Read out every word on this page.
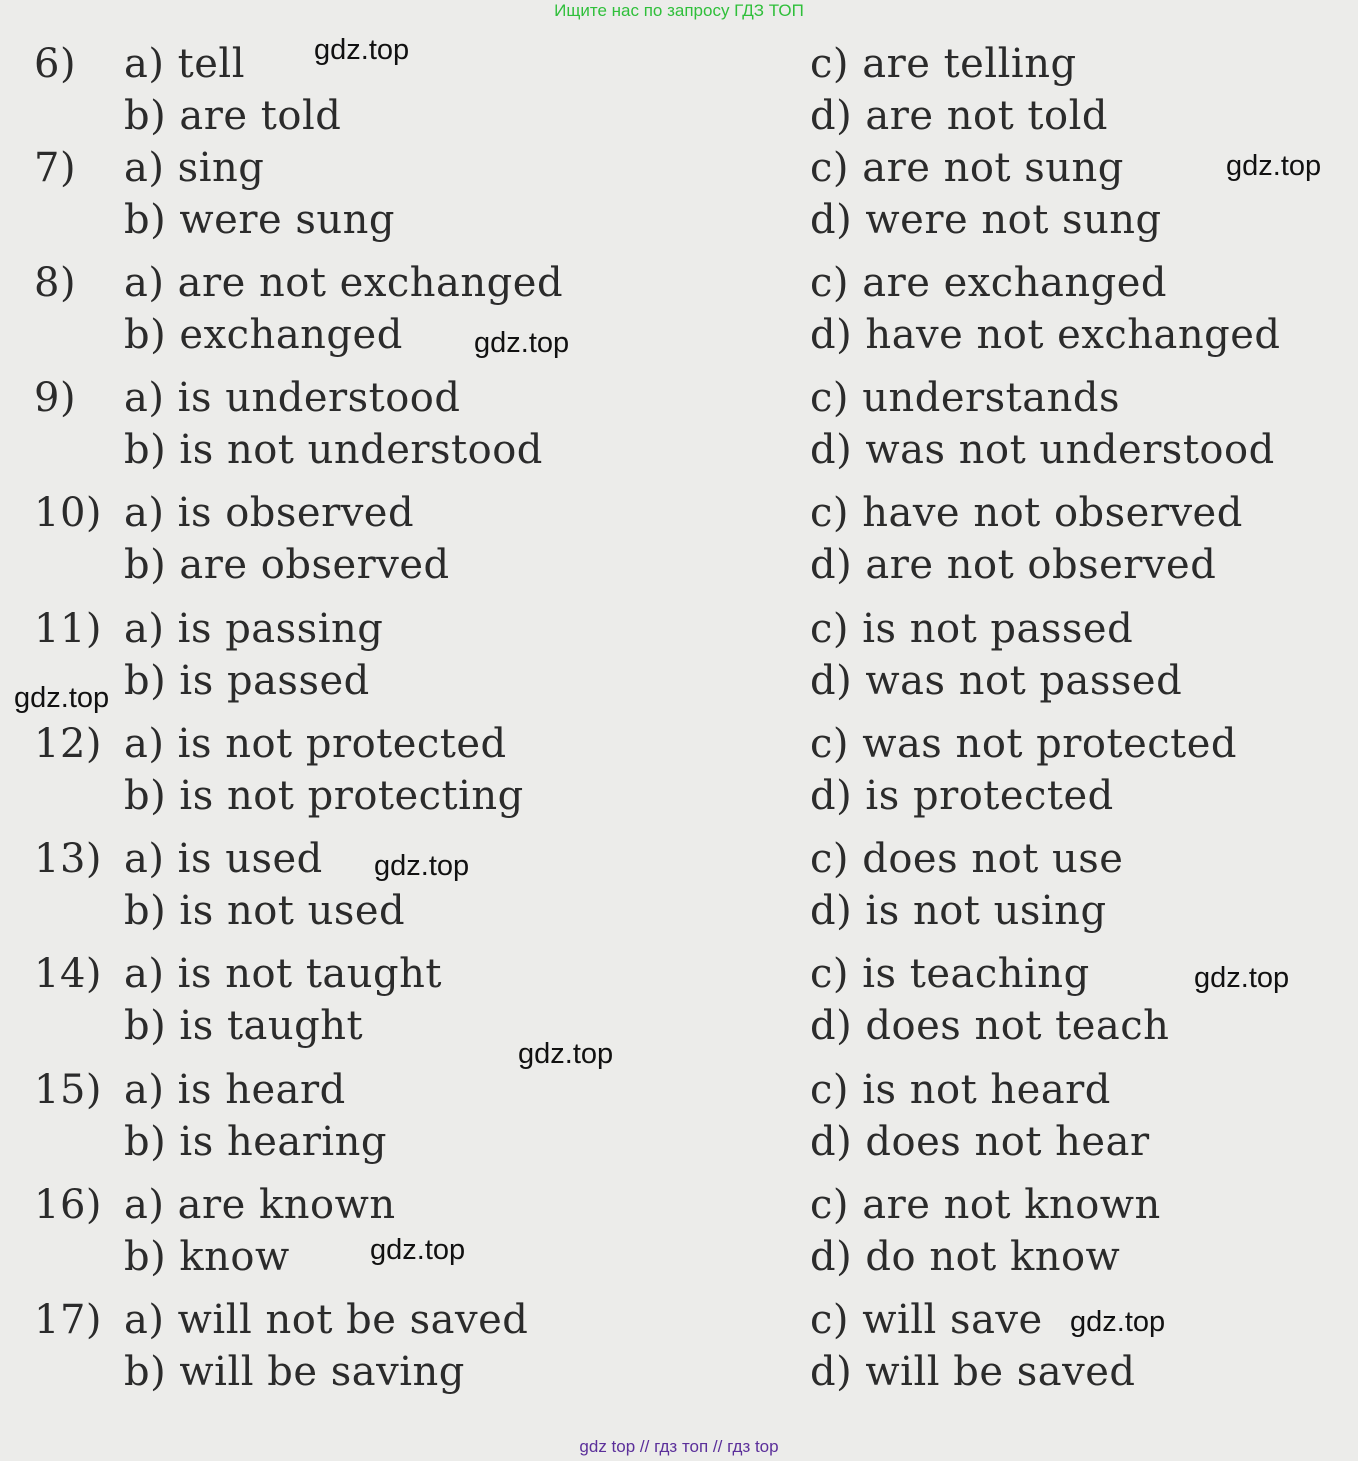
Ищите нас по запросу ГДЗ ТОП
6) a) tell
b) are told
c) are telling
d) are not told
7) a) sing
b) were sung
c) are not sung
d) were not sung
8) a) are not exchanged
b) exchanged
c) are exchanged
d) have not exchanged
9) a) is understood
b) is not understood
c) understands
d) was not understood
10) a) is observed
b) are observed
c) have not observed
d) are not observed
11) a) is passing
b) is passed
c) is not passed
d) was not passed
12) a) is not protected
b) is not protecting
c) was not protected
d) is protected
13) a) is used
b) is not used
c) does not use
d) is not using
14) a) is not taught
b) is taught
c) is teaching
d) does not teach
15) a) is heard
b) is hearing
c) is not heard
d) does not hear
16) a) are known
b) know
c) are not known
d) do not know
17) a) will not be saved
b) will be saving
c) will save
d) will be saved
gdz.top
gdz.top
gdz.top
gdz.top
gdz.top
gdz.top
gdz.top
gdz.top
gdz.top
gdz top // гдз топ // гдз top
